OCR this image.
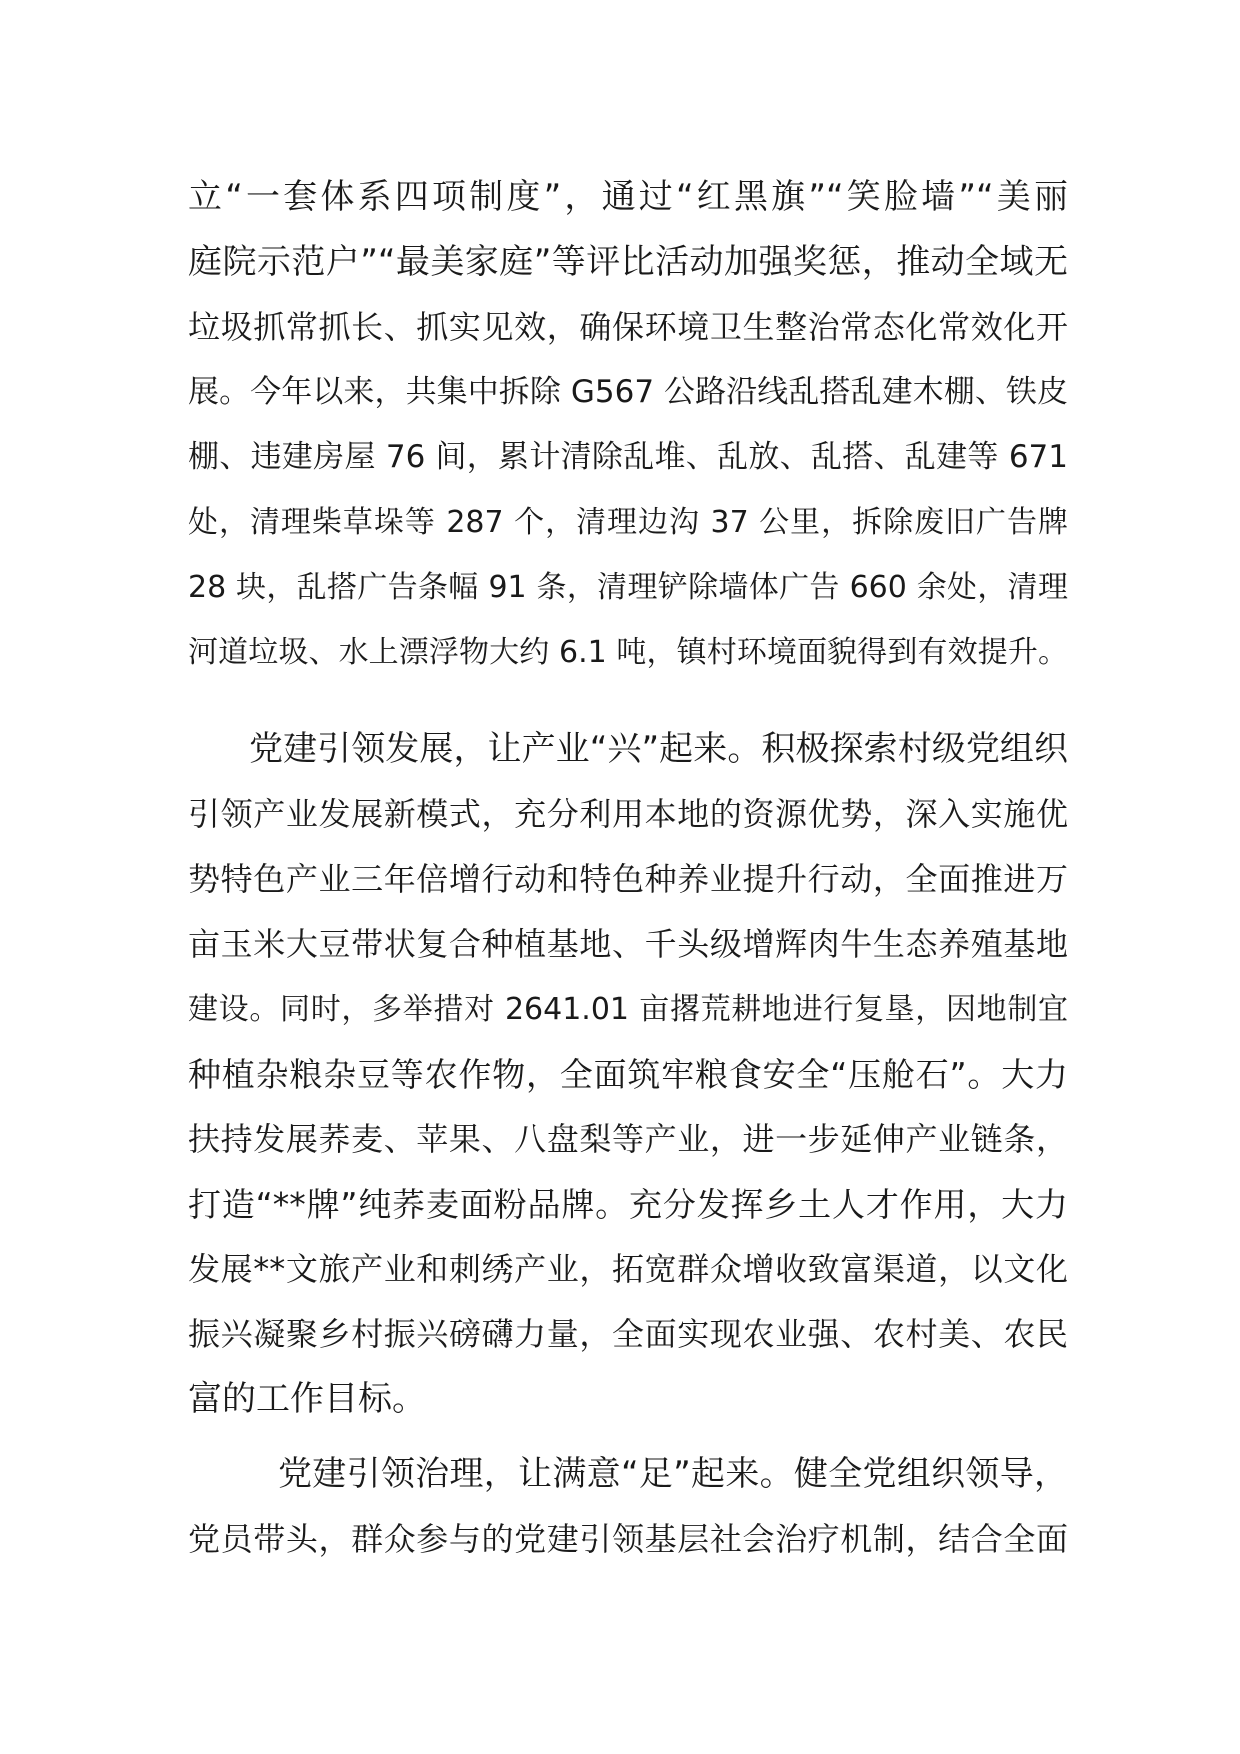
立“一套体系四项制度”，通过“红黑旗”“笑脸墙”“美丽
庭院示范户”“最美家庭”等评比活动加强奖惩，推动全域无
垃圾抓常抓长、抓实见效，确保环境卫生整治常态化常效化开
展。今年以来，共集中拆除 G567 公路沿线乱搭乱建木棚、铁皮
棚、违建房屋 76 间，累计清除乱堆、乱放、乱搭、乱建等 671
处，清理柴草垛等 287 个，清理边沟 37 公里，拆除废旧广告牌
28 块，乱搭广告条幅 91 条，清理铲除墙体广告 660 余处，清理
河道垃圾、水上漂浮物大约 6.1 吨，镇村环境面貌得到有效提升。
党建引领发展，让产业“兴”起来。积极探索村级党组织
引领产业发展新模式，充分利用本地的资源优势，深入实施优
势特色产业三年倍增行动和特色种养业提升行动，全面推进万
亩玉米大豆带状复合种植基地、千头级增辉肉牛生态养殖基地
建设。同时，多举措对 2641.01 亩撂荒耕地进行复垦，因地制宜
种植杂粮杂豆等农作物，全面筑牢粮食安全“压舱石”。大力
扶持发展荞麦、苹果、八盘梨等产业，进一步延伸产业链条，
打造“**牌”纯荞麦面粉品牌。充分发挥乡土人才作用，大力
发展**文旅产业和刺绣产业，拓宽群众增收致富渠道，以文化
振兴凝聚乡村振兴磅礴力量，全面实现农业强、农村美、农民
富的工作目标。
党建引领治理，让满意“足”起来。健全党组织领导，
党员带头，群众参与的党建引领基层社会治疗机制，结合全面
